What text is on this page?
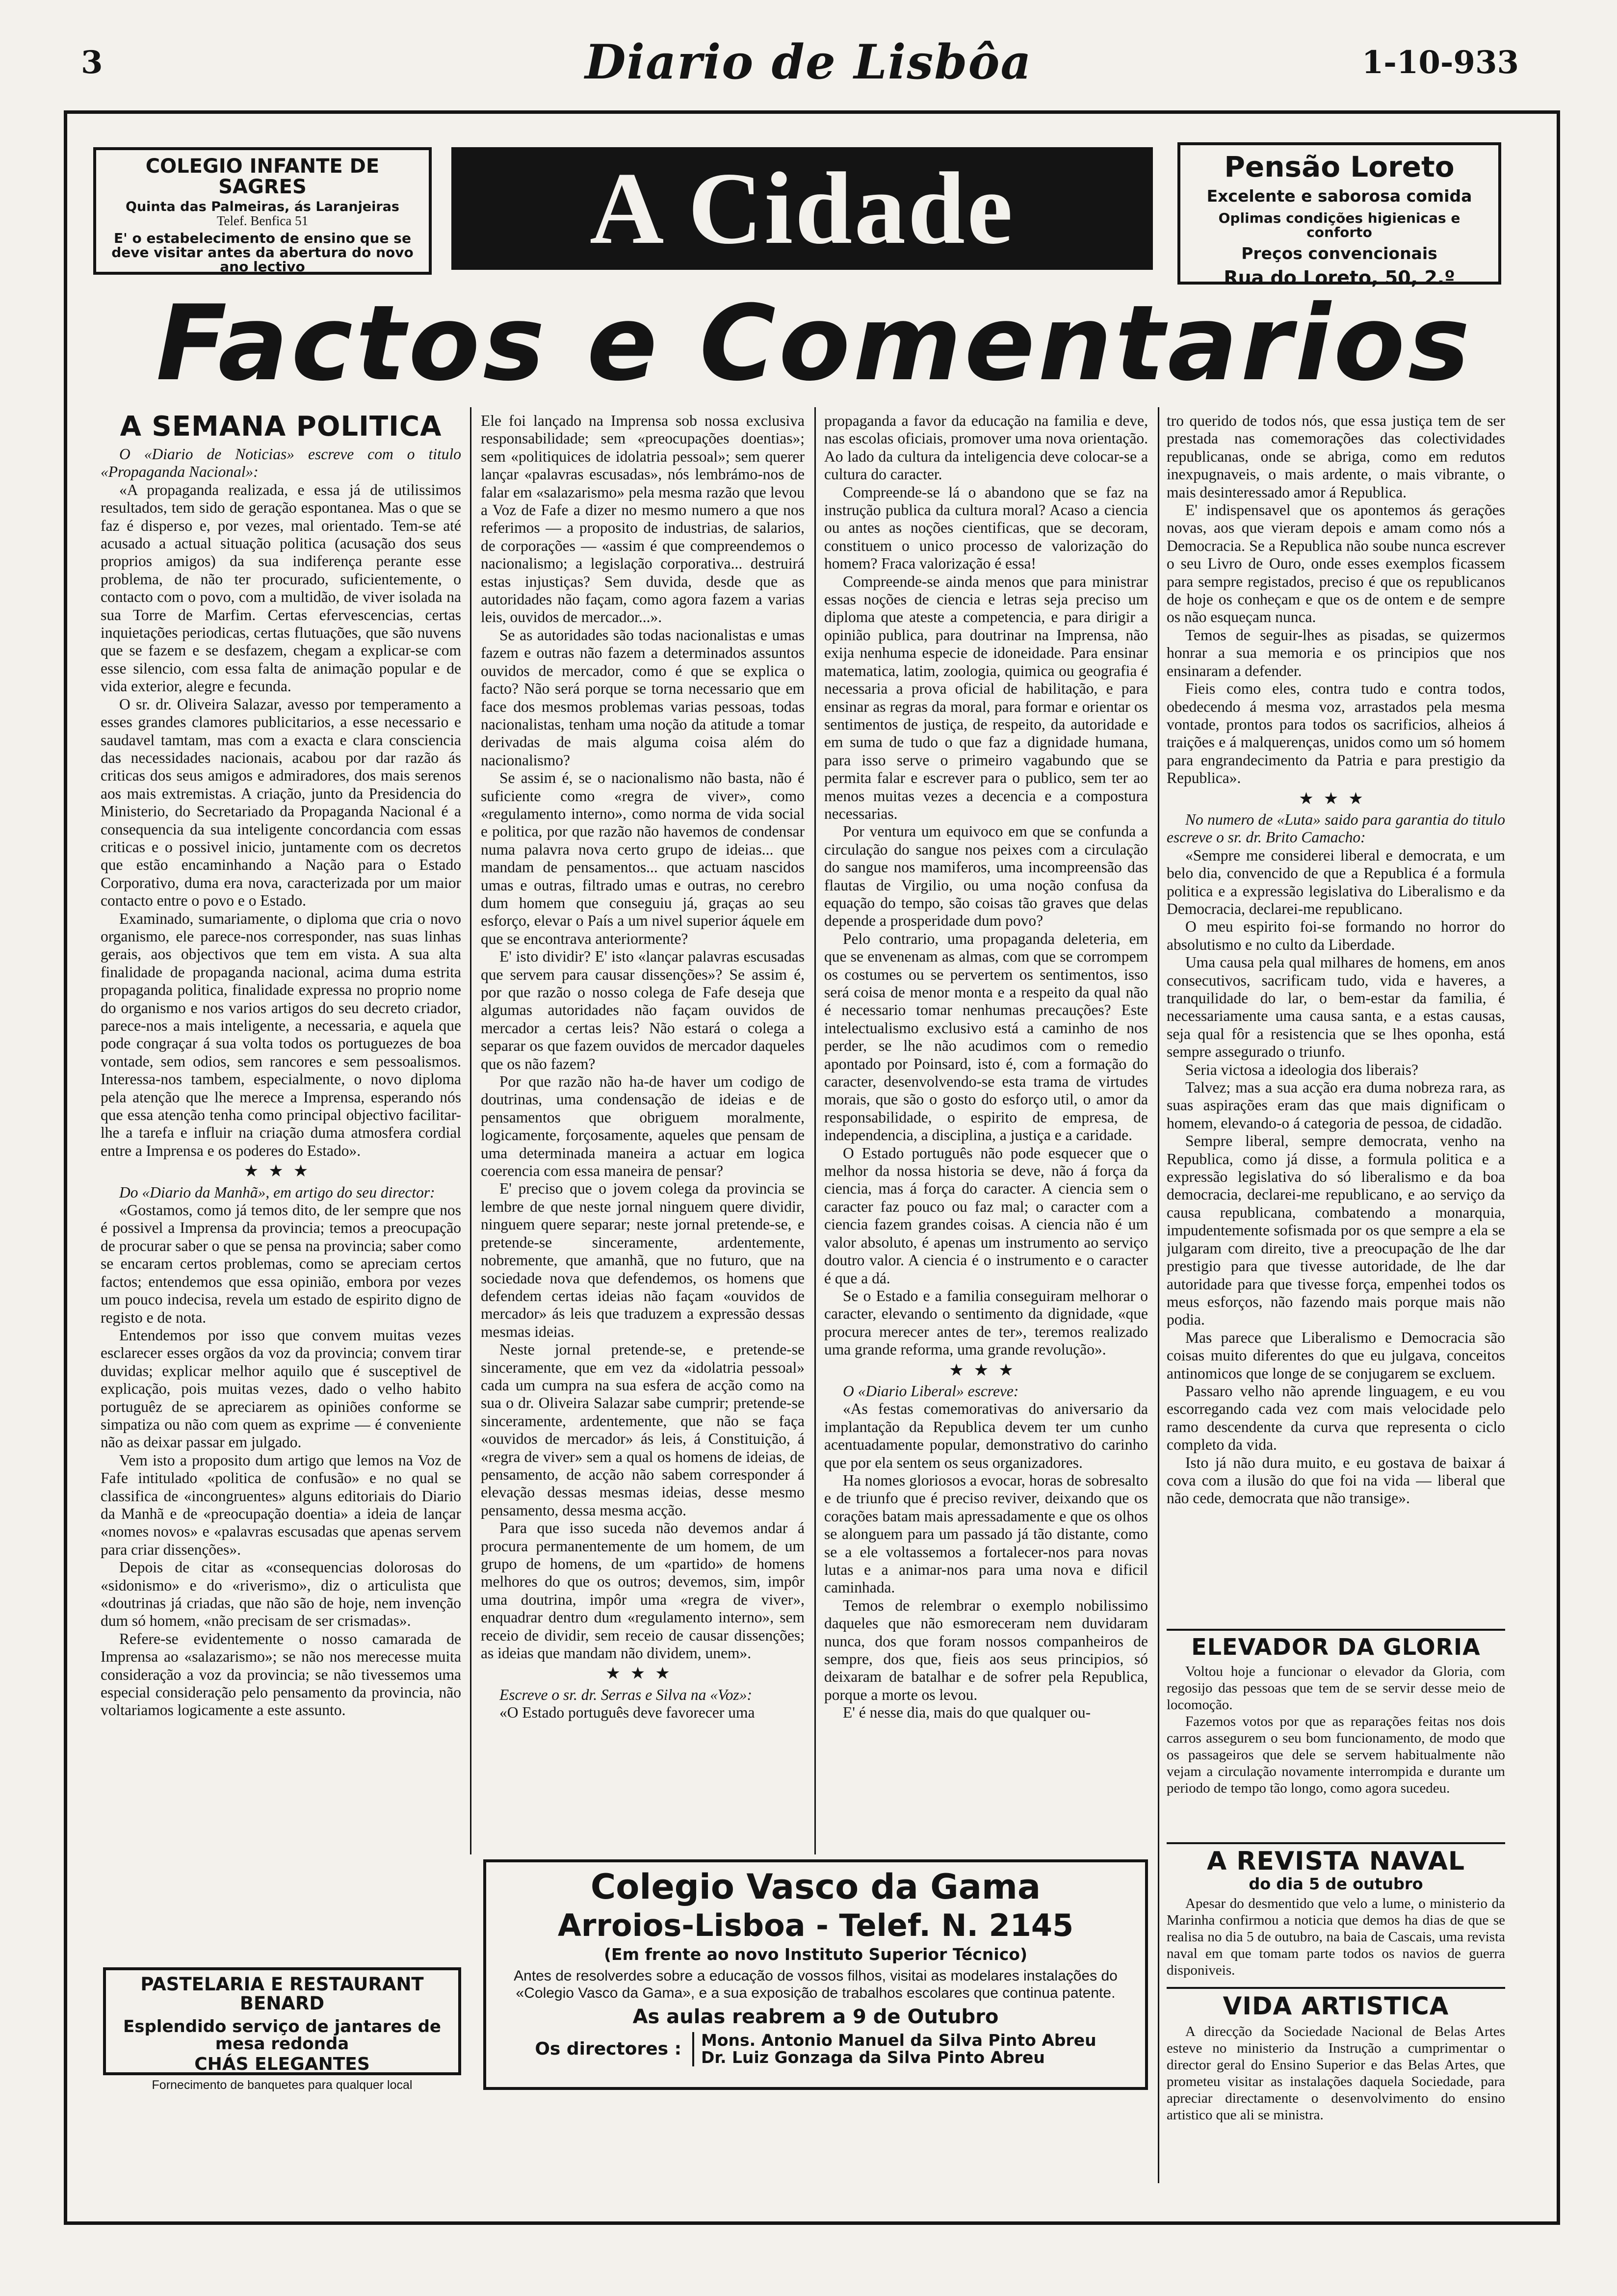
3	Diario de Lisbôa	1-10-933
COLEGIO INFANTE DE SAGRES
Quinta das Palmeiras, ás Laranjeiras
Telef. Benfica 51
E' o estabelecimento de ensino que se
deve visitar antes da abertura do novo
ano lectivo
A Cidade	Pensão Loreto
Excelente e saborosa comida
Oplimas condições higienicas e conforto
Preços convencionais
Rua do Loreto, 50, 2.º
Factos e Comentarios
A SEMANA POLITICA

O «Diario de Noticias» escreve com o titulo «Propaganda Nacional»:

«A propaganda realizada, e essa já de utilissimos resultados, tem sido de geração espontanea. Mas o que se faz é disperso e, por vezes, mal orientado. Tem-se até acusado a actual situação politica (acusação dos seus proprios amigos) da sua indiferença perante esse problema, de não ter procurado, suficientemente, o contacto com o povo, com a multidão, de viver isolada na sua Torre de Marfim. Certas efervescencias, certas inquietações periodicas, certas flutuações, que são nuvens que se fazem e se desfazem, chegam a explicar-se com esse silencio, com essa falta de animação popular e de vida exterior, alegre e fecunda.

O sr. dr. Oliveira Salazar, avesso por temperamento a esses grandes clamores publicitarios, a esse necessario e saudavel tamtam, mas com a exacta e clara consciencia das necessidades nacionais, acabou por dar razão ás criticas dos seus amigos e admiradores, dos mais serenos aos mais extremistas. A criação, junto da Presidencia do Ministerio, do Secretariado da Propaganda Nacional é a consequencia da sua inteligente concordancia com essas criticas e o possivel inicio, juntamente com os decretos que estão encaminhando a Nação para o Estado Corporativo, duma era nova, caracterizada por um maior contacto entre o povo e o Estado.

Examinado, sumariamente, o diploma que cria o novo organismo, ele parece-nos corresponder, nas suas linhas gerais, aos objectivos que tem em vista. A sua alta finalidade de propaganda nacional, acima duma estrita propaganda politica, finalidade expressa no proprio nome do organismo e nos varios artigos do seu decreto criador, parece-nos a mais inteligente, a necessaria, e aquela que pode congraçar á sua volta todos os portuguezes de boa vontade, sem odios, sem rancores e sem pessoalismos. Interessa-nos tambem, especialmente, o novo diploma pela atenção que lhe merece a Imprensa, esperando nós que essa atenção tenha como principal objectivo facilitar-lhe a tarefa e influir na criação duma atmosfera cordial entre a Imprensa e os poderes do Estado».

★★★

Do «Diario da Manhã», em artigo do seu director:

«Gostamos, como já temos dito, de ler sempre que nos é possivel a Imprensa da provincia; temos a preocupação de procurar saber o que se pensa na provincia; saber como se encaram certos problemas, como se apreciam certos factos; entendemos que essa opinião, embora por vezes um pouco indecisa, revela um estado de espirito digno de registo e de nota.

Entendemos por isso que convem muitas vezes esclarecer esses orgãos da voz da provincia; convem tirar duvidas; explicar melhor aquilo que é susceptivel de explicação, pois muitas vezes, dado o velho habito portuguêz de se apreciarem as opiniões conforme se simpatiza ou não com quem as exprime — é conveniente não as deixar passar em julgado.

Vem isto a proposito dum artigo que lemos na Voz de Fafe intitulado «politica de confusão» e no qual se classifica de «incongruentes» alguns editoriais do Diario da Manhã e de «preocupação doentia» a ideia de lançar «nomes novos» e «palavras escusadas que apenas servem para criar dissenções».

Depois de citar as «consequencias dolorosas do «sidonismo» e do «riverismo», diz o articulista que «doutrinas já criadas, que não são de hoje, nem invenção dum só homem, «não precisam de ser crismadas».

Refere-se evidentemente o nosso camarada de Imprensa ao «salazarismo»; se não nos merecesse muita consideração a voz da provincia; se não tivessemos uma especial consideração pelo pensamento da provincia, não voltariamos logicamente a este assunto.

PASTELARIA E RESTAURANT BENARD
Esplendido serviço de jantares de mesa redonda
CHÁS ELEGANTES
Fornecimento de banquetes para qualquer local

Ele foi lançado na Imprensa sob nossa exclusiva responsabilidade; sem «preocupações doentias»; sem «politiquices de idolatria pessoal»; sem querer lançar «palavras escusadas», nós lembrámo-nos de falar em «salazarismo» pela mesma razão que levou a Voz de Fafe a dizer no mesmo numero a que nos referimos — a proposito de industrias, de salarios, de corporações — «assim é que compreendemos o nacionalismo; a legislação corporativa... destruirá estas injustiças? Sem duvida, desde que as autoridades não façam, como agora fazem a varias leis, ouvidos de mercador...».

Se as autoridades são todas nacionalistas e umas fazem e outras não fazem a determinados assuntos ouvidos de mercador, como é que se explica o facto? Não será porque se torna necessario que em face dos mesmos problemas varias pessoas, todas nacionalistas, tenham uma noção da atitude a tomar derivadas de mais alguma coisa além do nacionalismo?

Se assim é, se o nacionalismo não basta, não é suficiente como «regra de viver», como «regulamento interno», como norma de vida social e politica, por que razão não havemos de condensar numa palavra nova certo grupo de ideias... que mandam de pensamentos... que actuam nascidos umas e outras, filtrado umas e outras, no cerebro dum homem que conseguiu já, graças ao seu esforço, elevar o País a um nivel superior áquele em que se encontrava anteriormente?

E' isto dividir? E' isto «lançar palavras escusadas que servem para causar dissenções»? Se assim é, por que razão o nosso colega de Fafe deseja que algumas autoridades não façam ouvidos de mercador a certas leis? Não estará o colega a separar os que fazem ouvidos de mercador daqueles que os não fazem?

Por que razão não ha-de haver um codigo de doutrinas, uma condensação de ideias e de pensamentos que obriguem moralmente, logicamente, forçosamente, aqueles que pensam de uma determinada maneira a actuar em logica coerencia com essa maneira de pensar?

E' preciso que o jovem colega da provincia se lembre de que neste jornal ninguem quere dividir, ninguem quere separar; neste jornal pretende-se, e pretende-se sinceramente, ardentemente, nobremente, que amanhã, que no futuro, que na sociedade nova que defendemos, os homens que defendem certas ideias não façam «ouvidos de mercador» ás leis que traduzem a expressão dessas mesmas ideias.

Neste jornal pretende-se, e pretende-se sinceramente, que em vez da «idolatria pessoal» cada um cumpra na sua esfera de acção como na sua o dr. Oliveira Salazar sabe cumprir; pretende-se sinceramente, ardentemente, que não se faça «ouvidos de mercador» ás leis, á Constituição, á «regra de viver» sem a qual os homens de ideias, de pensamento, de acção não sabem corresponder á elevação dessas mesmas ideias, desse mesmo pensamento, dessa mesma acção.

Para que isso suceda não devemos andar á procura permanentemente de um homem, de um grupo de homens, de um «partido» de homens melhores do que os outros; devemos, sim, impôr uma doutrina, impôr uma «regra de viver», enquadrar dentro dum «regulamento interno», sem receio de dividir, sem receio de causar dissenções; as ideias que mandam não dividem, unem».

★★★

Escreve o sr. dr. Serras e Silva na «Voz»:

«O Estado português deve favorecer uma

propaganda a favor da educação na familia e deve, nas escolas oficiais, promover uma nova orientação. Ao lado da cultura da inteligencia deve colocar-se a cultura do caracter.

Compreende-se lá o abandono que se faz na instrução publica da cultura moral? Acaso a ciencia ou antes as noções cientificas, que se decoram, constituem o unico processo de valorização do homem? Fraca valorização é essa!

Compreende-se ainda menos que para ministrar essas noções de ciencia e letras seja preciso um diploma que ateste a competencia, e para dirigir a opinião publica, para doutrinar na Imprensa, não exija nenhuma especie de idoneidade. Para ensinar matematica, latim, zoologia, quimica ou geografia é necessaria a prova oficial de habilitação, e para ensinar as regras da moral, para formar e orientar os sentimentos de justiça, de respeito, da autoridade e em suma de tudo o que faz a dignidade humana, para isso serve o primeiro vagabundo que se permita falar e escrever para o publico, sem ter ao menos muitas vezes a decencia e a compostura necessarias.

Por ventura um equivoco em que se confunda a circulação do sangue nos peixes com a circulação do sangue nos mamiferos, uma incompreensão das flautas de Virgilio, ou uma noção confusa da equação do tempo, são coisas tão graves que delas depende a prosperidade dum povo?

Pelo contrario, uma propaganda deleteria, em que se envenenam as almas, com que se corrompem os costumes ou se pervertem os sentimentos, isso será coisa de menor monta e a respeito da qual não é necessario tomar nenhumas precauções? Este intelectualismo exclusivo está a caminho de nos perder, se lhe não acudimos com o remedio apontado por Poinsard, isto é, com a formação do caracter, desenvolvendo-se esta trama de virtudes morais, que são o gosto do esforço util, o amor da responsabilidade, o espirito de empresa, de independencia, a disciplina, a justiça e a caridade.

O Estado português não pode esquecer que o melhor da nossa historia se deve, não á força da ciencia, mas á força do caracter. A ciencia sem o caracter faz pouco ou faz mal; o caracter com a ciencia fazem grandes coisas. A ciencia não é um valor absoluto, é apenas um instrumento ao serviço doutro valor. A ciencia é o instrumento e o caracter é que a dá.

Se o Estado e a familia conseguiram melhorar o caracter, elevando o sentimento da dignidade, «que procura merecer antes de ter», teremos realizado uma grande reforma, uma grande revolução».

★★★

O «Diario Liberal» escreve:

«As festas comemorativas do aniversario da implantação da Republica devem ter um cunho acentuadamente popular, demonstrativo do carinho que por ela sentem os seus organizadores.

Ha nomes gloriosos a evocar, horas de sobresalto e de triunfo que é preciso reviver, deixando que os corações batam mais apressadamente e que os olhos se alonguem para um passado já tão distante, como se a ele voltassemos a fortalecer-nos para novas lutas e a animar-nos para uma nova e dificil caminhada.

Temos de relembrar o exemplo nobilissimo daqueles que não esmoreceram nem duvidaram nunca, dos que foram nossos companheiros de sempre, dos que, fieis aos seus principios, só deixaram de batalhar e de sofrer pela Republica, porque a morte os levou.

E' é nesse dia, mais do que qualquer ou-

Colegio Vasco da Gama
Arroios-Lisboa - Telef. N. 2145
(Em frente ao novo Instituto Superior Técnico)
Antes de resolverdes sobre a educação de vossos filhos, visitai as modelares instalações do «Colegio Vasco da Gama», e a sua exposição de trabalhos escolares que continua patente.
As aulas reabrem a 9 de Outubro
Os directores : Mons. Antonio Manuel da Silva Pinto Abreu
Dr. Luiz Gonzaga da Silva Pinto Abreu

tro querido de todos nós, que essa justiça tem de ser prestada nas comemorações das colectividades republicanas, onde se abriga, como em redutos inexpugnaveis, o mais ardente, o mais vibrante, o mais desinteressado amor á Republica.

E' indispensavel que os apontemos ás gerações novas, aos que vieram depois e amam como nós a Democracia. Se a Republica não soube nunca escrever o seu Livro de Ouro, onde esses exemplos ficassem para sempre registados, preciso é que os republicanos de hoje os conheçam e que os de ontem e de sempre os não esqueçam nunca.

Temos de seguir-lhes as pisadas, se quizermos honrar a sua memoria e os principios que nos ensinaram a defender.

Fieis como eles, contra tudo e contra todos, obedecendo á mesma voz, arrastados pela mesma vontade, prontos para todos os sacrificios, alheios á traições e á malquerenças, unidos como um só homem para engrandecimento da Patria e para prestigio da Republica».

★★★

No numero de «Luta» saido para garantia do titulo escreve o sr. dr. Brito Camacho:

«Sempre me considerei liberal e democrata, e um belo dia, convencido de que a Republica é a formula politica e a expressão legislativa do Liberalismo e da Democracia, declarei-me republicano.

O meu espirito foi-se formando no horror do absolutismo e no culto da Liberdade.

Uma causa pela qual milhares de homens, em anos consecutivos, sacrificam tudo, vida e haveres, a tranquilidade do lar, o bem-estar da familia, é necessariamente uma causa santa, e a estas causas, seja qual fôr a resistencia que se lhes oponha, está sempre assegurado o triunfo.

Seria victosa a ideologia dos liberais?

Talvez; mas a sua acção era duma nobreza rara, as suas aspirações eram das que mais dignificam o homem, elevando-o á categoria de pessoa, de cidadão.

Sempre liberal, sempre democrata, venho na Republica, como já disse, a formula politica e a expressão legislativa do só liberalismo e da boa democracia, declarei-me republicano, e ao serviço da causa republicana, combatendo a monarquia, impudentemente sofismada por os que sempre a ela se julgaram com direito, tive a preocupação de lhe dar prestigio para que tivesse autoridade, de lhe dar autoridade para que tivesse força, empenhei todos os meus esforços, não fazendo mais porque mais não podia.

Mas parece que Liberalismo e Democracia são coisas muito diferentes do que eu julgava, conceitos antinomicos que longe de se conjugarem se excluem.

Passaro velho não aprende linguagem, e eu vou escorregando cada vez com mais velocidade pelo ramo descendente da curva que representa o ciclo completo da vida.

Isto já não dura muito, e eu gostava de baixar á cova com a ilusão do que foi na vida — liberal que não cede, democrata que não transige».

ELEVADOR DA GLORIA

Voltou hoje a funcionar o elevador da Gloria, com regosijo das pessoas que tem de se servir desse meio de locomoção.

Fazemos votos por que as reparações feitas nos dois carros assegurem o seu bom funcionamento, de modo que os passageiros que dele se servem habitualmente não vejam a circulação novamente interrompida e durante um periodo de tempo tão longo, como agora sucedeu.

A REVISTA NAVAL

do dia 5 de outubro

Apesar do desmentido que velo a lume, o ministerio da Marinha confirmou a noticia que demos ha dias de que se realisa no dia 5 de outubro, na baia de Cascais, uma revista naval em que tomam parte todos os navios de guerra disponiveis.

VIDA ARTISTICA

A direcção da Sociedade Nacional de Belas Artes esteve no ministerio da Instrução a cumprimentar o director geral do Ensino Superior e das Belas Artes, que prometeu visitar as instalações daquela Sociedade, para apreciar directamente o desenvolvimento do ensino artistico que ali se ministra.
